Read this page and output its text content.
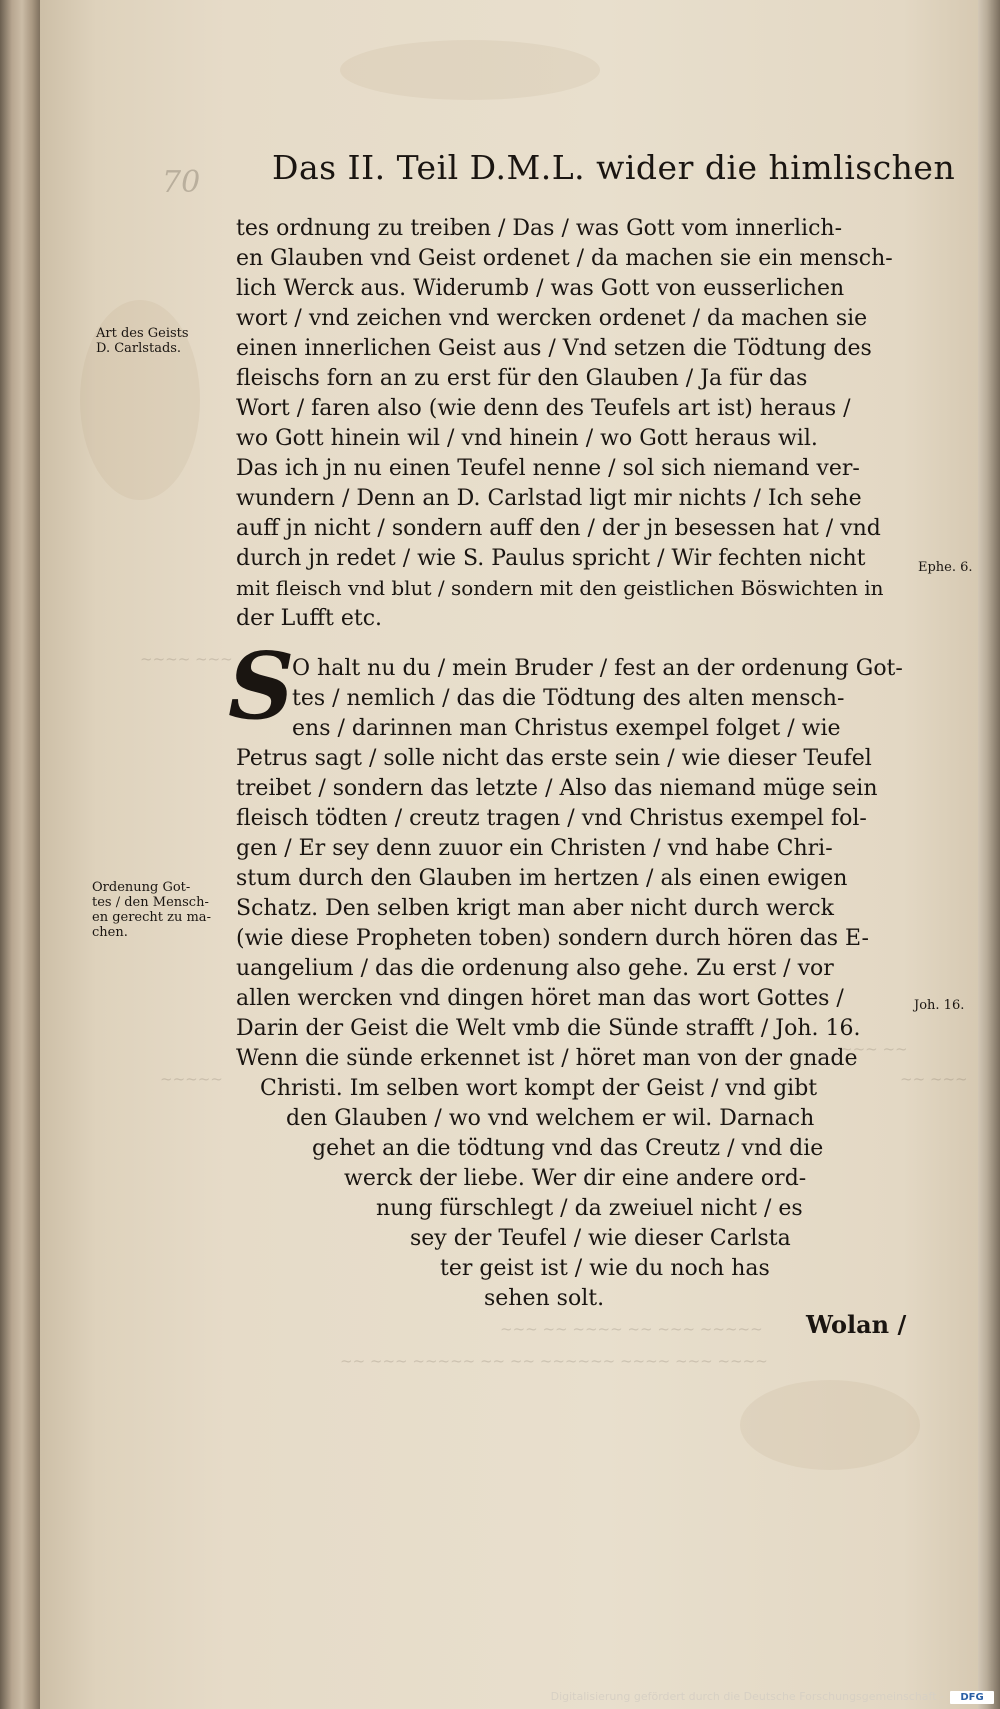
~~~ ~~ ~~~~ ~~ ~~~ ~~~~~
~~ ~~~ ~~~~~ ~~ ~~ ~~~~~~ ~~~~ ~~~ ~~~~
~~~ ~~
~~ ~~~
~~~~ ~~~
~~~~~
70 Das II. Teil D.M.L. wider die himlischen
tes ordnung zu treiben / Das / was Gott vom innerlich-
en Glauben vnd Geist ordenet / da machen sie ein mensch-
lich Werck aus. Widerumb / was Gott von eusserlichen
wort / vnd zeichen vnd wercken ordenet / da machen sie
einen innerlichen Geist aus / Vnd setzen die Tödtung des
fleischs forn an zu erst für den Glauben / Ja für das
Wort / faren also (wie denn des Teufels art ist) heraus /
wo Gott hinein wil / vnd hinein / wo Gott heraus wil.
Das ich jn nu einen Teufel nenne / sol sich niemand ver-
wundern / Denn an D. Carlstad ligt mir nichts / Ich sehe
auff jn nicht / sondern auff den / der jn besessen hat / vnd
durch jn redet / wie S. Paulus spricht / Wir fechten nicht
mit fleisch vnd blut / sondern mit den geistlichen Böswichten in
der Lufft etc.
S
O halt nu du / mein Bruder / fest an der ordenung Got-
tes / nemlich / das die Tödtung des alten mensch-
ens / darinnen man Christus exempel folget / wie
Petrus sagt / solle nicht das erste sein / wie dieser Teufel
treibet / sondern das letzte / Also das niemand müge sein
fleisch tödten / creutz tragen / vnd Christus exempel fol-
gen / Er sey denn zuuor ein Christen / vnd habe Chri-
stum durch den Glauben im hertzen / als einen ewigen
Schatz. Den selben krigt man aber nicht durch werck
(wie diese Propheten toben) sondern durch hören das E-
uangelium / das die ordenung also gehe. Zu erst / vor
allen wercken vnd dingen höret man das wort Gottes /
Darin der Geist die Welt vmb die Sünde strafft / Joh. 16.
Wenn die sünde erkennet ist / höret man von der gnade
Christi. Im selben wort kompt der Geist / vnd gibt
den Glauben / wo vnd welchem er wil. Darnach
gehet an die tödtung vnd das Creutz / vnd die
werck der liebe. Wer dir eine andere ord-
nung fürschlegt / da zweiuel nicht / es
sey der Teufel / wie dieser Carlsta
ter geist ist / wie du noch has
sehen solt.
Art des Geists
D. Carlstads.
Ordenung Got-
tes / den Mensch-
en gerecht zu ma-
chen.
Ephe. 6.
Joh. 16.
Wolan /
Digitalisierung gefördert durch die Deutsche Forschungsgemeinschaft -	DFG
